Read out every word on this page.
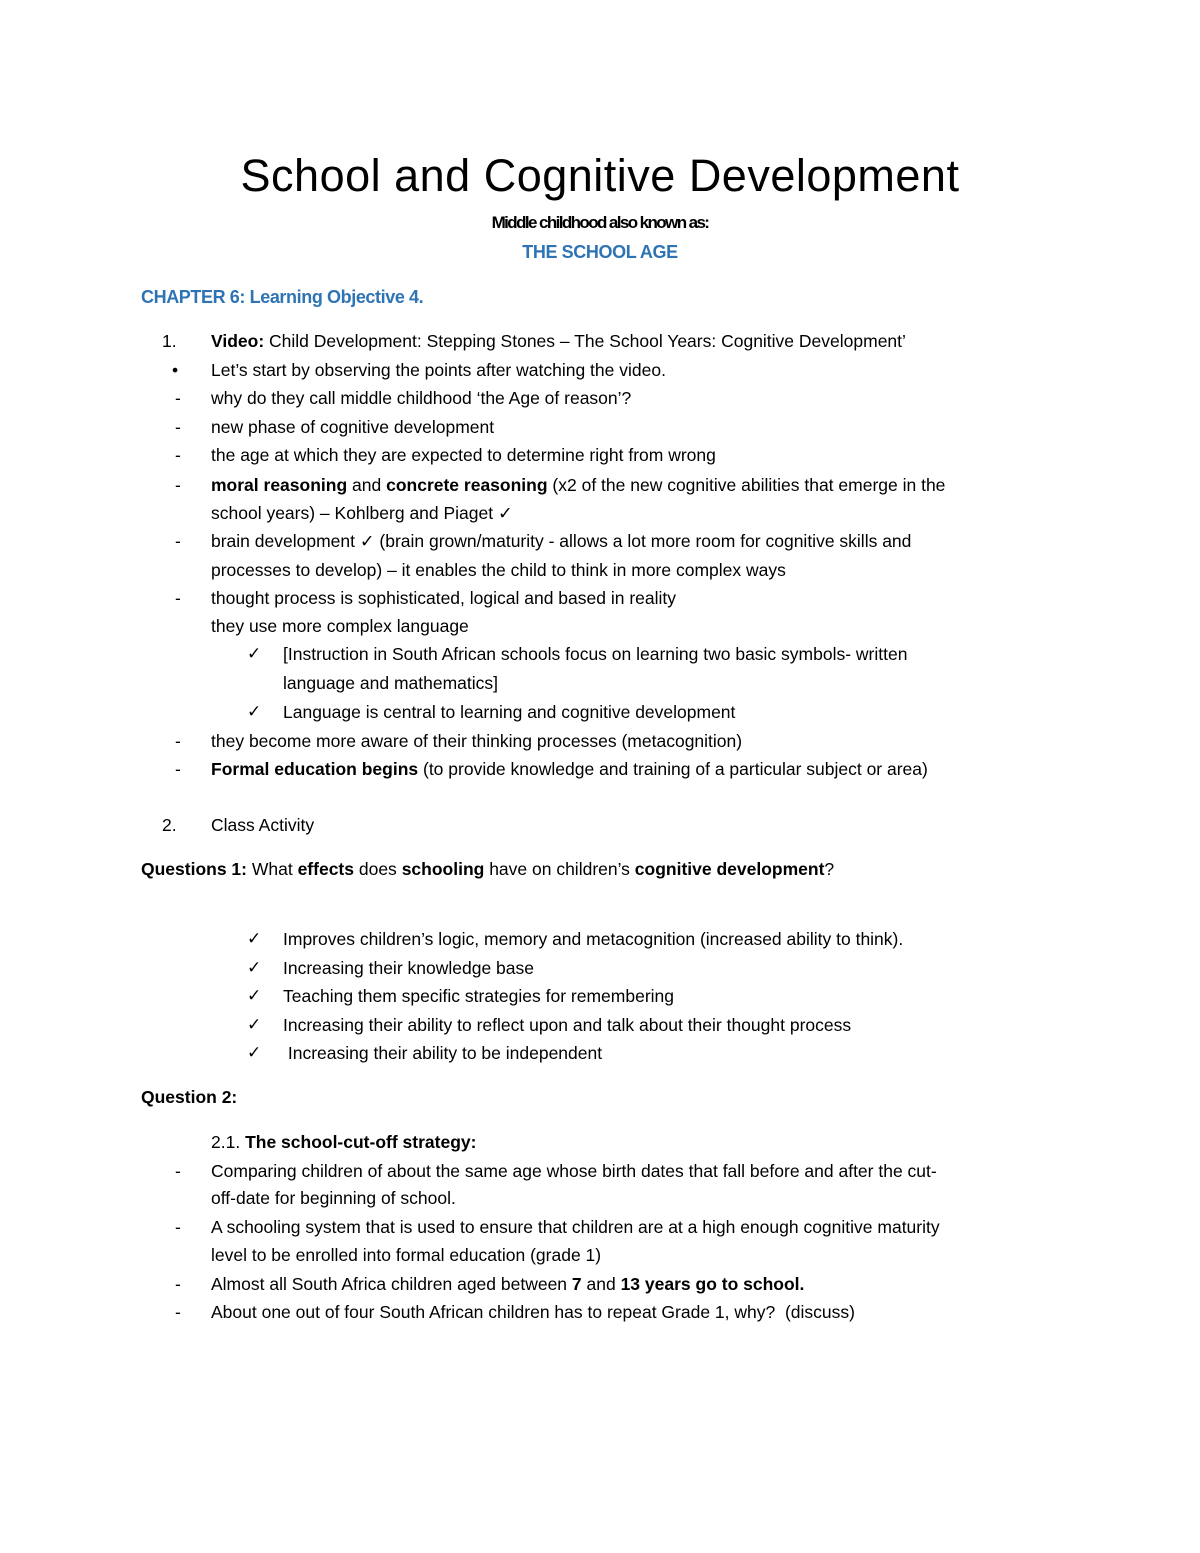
School and Cognitive Development
Middle childhood also known as:
THE SCHOOL AGE
CHAPTER 6: Learning Objective 4.
1. Video: Child Development: Stepping Stones – The School Years: Cognitive Development’
• Let’s start by observing the points after watching the video.
- why do they call middle childhood ‘the Age of reason’?
- new phase of cognitive development
- the age at which they are expected to determine right from wrong
- moral reasoning and concrete reasoning (x2 of the new cognitive abilities that emerge in the
school years) – Kohlberg and Piaget ✓
- brain development ✓ (brain grown/maturity - allows a lot more room for cognitive skills and
processes to develop) – it enables the child to think in more complex ways
- thought process is sophisticated, logical and based in reality
they use more complex language
✓ [Instruction in South African schools focus on learning two basic symbols- written
language and mathematics]
✓ Language is central to learning and cognitive development
- they become more aware of their thinking processes (metacognition)
- Formal education begins (to provide knowledge and training of a particular subject or area)
2. Class Activity
Questions 1: What effects does schooling have on children’s cognitive development?
✓ Improves children’s logic, memory and metacognition (increased ability to think).
✓ Increasing their knowledge base
✓ Teaching them specific strategies for remembering
✓ Increasing their ability to reflect upon and talk about their thought process
✓ Increasing their ability to be independent
Question 2:
2.1. The school-cut-off strategy:
- Comparing children of about the same age whose birth dates that fall before and after the cut-
off-date for beginning of school.
- A schooling system that is used to ensure that children are at a high enough cognitive maturity
level to be enrolled into formal education (grade 1)
- Almost all South Africa children aged between 7 and 13 years go to school.
- About one out of four South African children has to repeat Grade 1, why?  (discuss)
